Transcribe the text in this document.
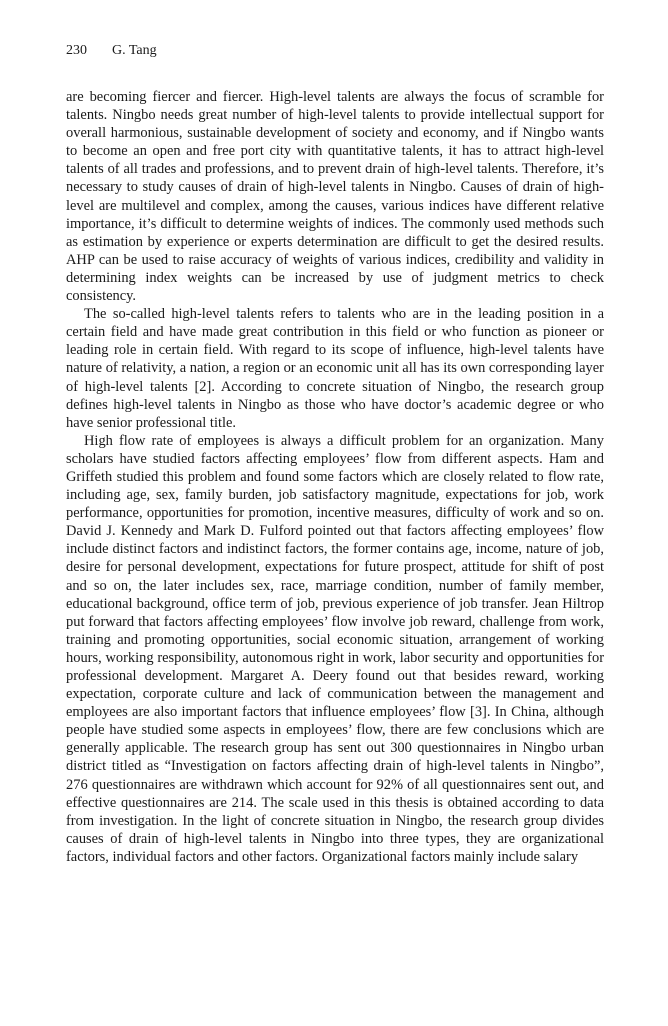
230 G. Tang

are becoming fiercer and fiercer. High-level talents are always the focus of scramble for talents. Ningbo needs great number of high-level talents to provide intellectual support for overall harmonious, sustainable development of society and economy, and if Ningbo wants to become an open and free port city with quantitative talents, it has to attract high-level talents of all trades and professions, and to prevent drain of high-level talents. Therefore, it’s necessary to study causes of drain of high-level talents in Ningbo. Causes of drain of high-level are multilevel and complex, among the causes, various indices have different relative importance, it’s difficult to determine weights of indices. The commonly used methods such as estimation by experience or experts determination are difficult to get the desired results. AHP can be used to raise accuracy of weights of various indices, credibility and validity in determining index weights can be increased by use of judgment metrics to check consistency.

The so-called high-level talents refers to talents who are in the leading position in a certain field and have made great contribution in this field or who function as pioneer or leading role in certain field. With regard to its scope of influence, high-level talents have nature of relativity, a nation, a region or an economic unit all has its own corresponding layer of high-level talents [2]. According to concrete situation of Ningbo, the research group defines high-level talents in Ningbo as those who have doctor’s academic degree or who have senior professional title.

High flow rate of employees is always a difficult problem for an organization. Many scholars have studied factors affecting employees’ flow from different aspects. Ham and Griffeth studied this problem and found some factors which are closely related to flow rate, including age, sex, family burden, job satisfactory magnitude, expectations for job, work performance, opportunities for promotion, incentive measures, difficulty of work and so on. David J. Kennedy and Mark D. Fulford pointed out that factors affecting employees’ flow include distinct factors and indistinct factors, the former contains age, income, nature of job, desire for personal development, expectations for future prospect, attitude for shift of post and so on, the later includes sex, race, marriage condition, number of family member, educational background, office term of job, previous experience of job transfer. Jean Hiltrop put forward that factors affecting employees’ flow involve job reward, challenge from work, training and promoting opportunities, social economic situation, arrangement of working hours, working responsibility, autonomous right in work, labor security and opportunities for professional development. Margaret A. Deery found out that besides reward, working expectation, corporate culture and lack of communication between the management and employees are also important factors that influence employees’ flow [3]. In China, although people have studied some aspects in employees’ flow, there are few conclusions which are generally applicable. The research group has sent out 300 questionnaires in Ningbo urban district titled as “Investigation on factors affecting drain of high-level talents in Ningbo”, 276 questionnaires are withdrawn which account for 92% of all questionnaires sent out, and effective questionnaires are 214. The scale used in this thesis is obtained according to data from investigation. In the light of concrete situation in Ningbo, the research group divides causes of drain of high-level talents in Ningbo into three types, they are organizational factors, individual factors and other factors. Organizational factors mainly include salary
